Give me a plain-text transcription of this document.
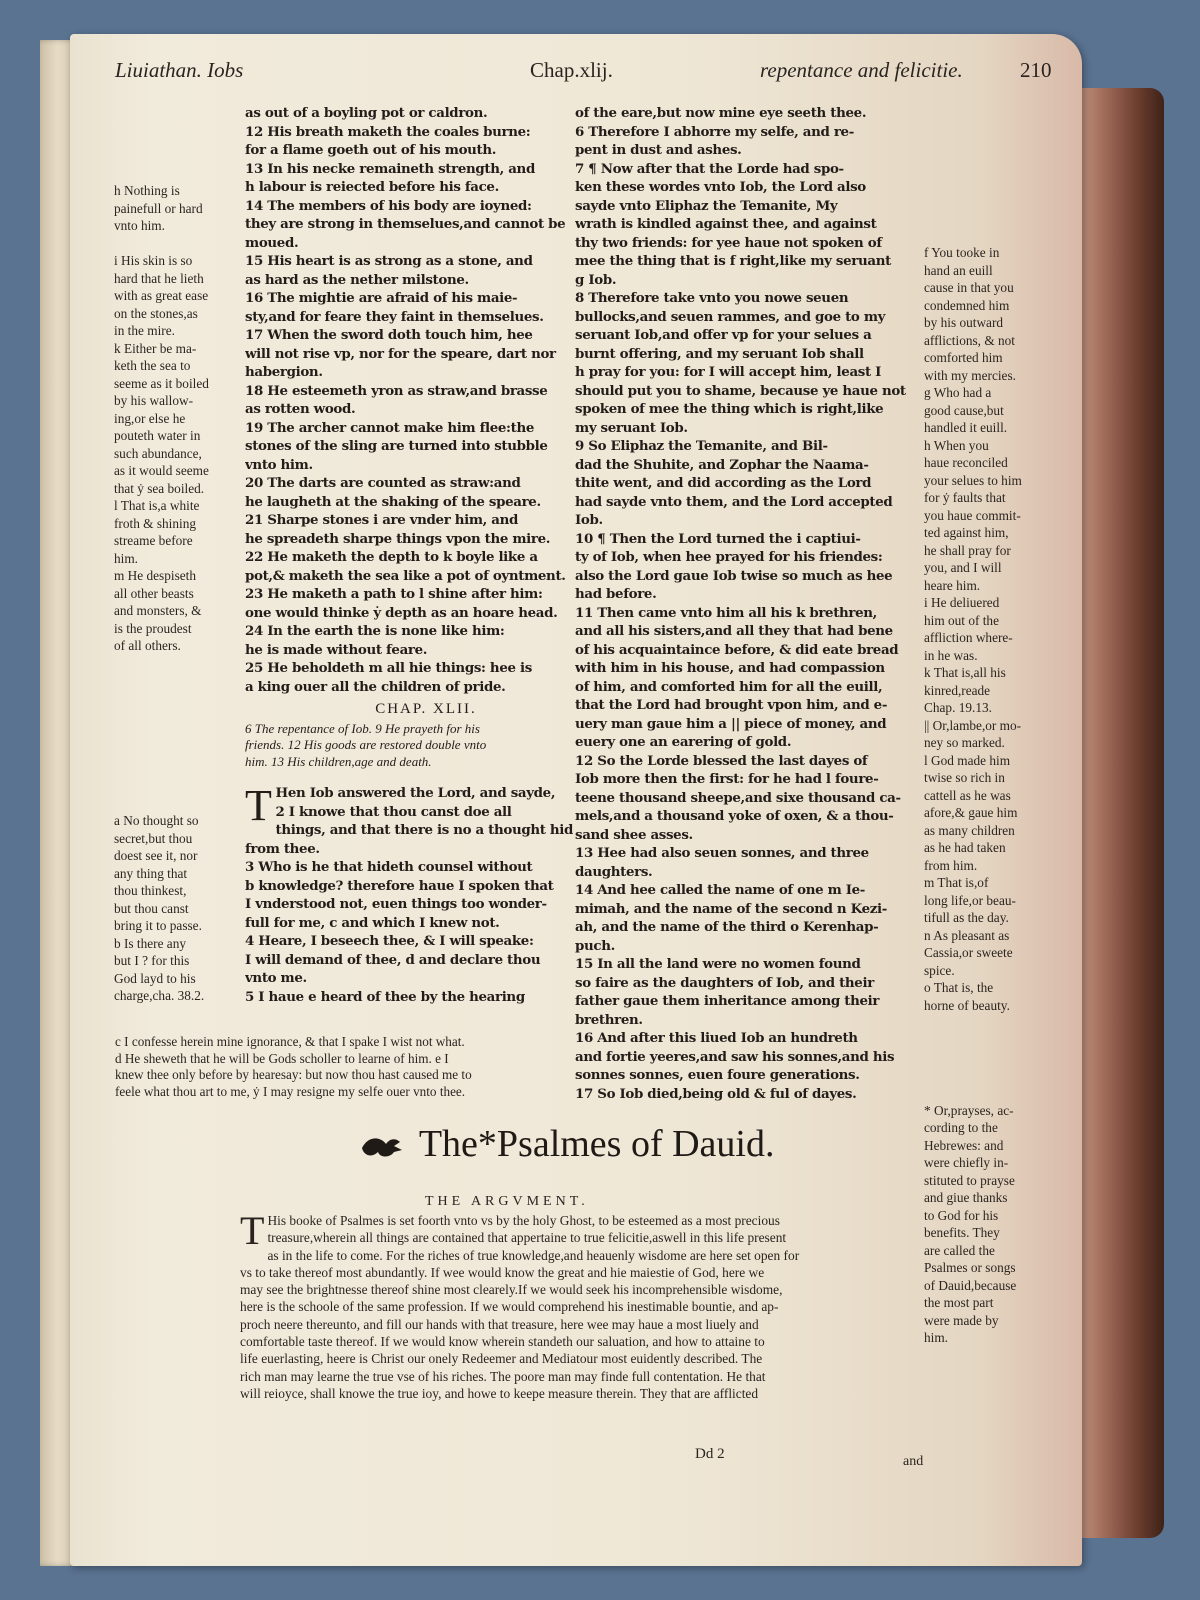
Liuiathan. Iobs	Chap.xlij.	repentance and felicitie.	210
h Nothing is
painefull or hard
vnto him.
i His skin is so
hard that he lieth
with as great ease
on the stones,as
in the mire.
k Either be ma-
keth the sea to
seeme as it boiled
by his wallow-
ing,or else he
pouteth water in
such abundance,
as it would seeme
that ẏ sea boiled.
l That is,a white
froth & shining
streame before
him.
m He despiseth
all other beasts
and monsters, &
is the proudest
of all others.
a No thought so
secret,but thou
doest see it, nor
any thing that
thou thinkest,
but thou canst
bring it to passe.
b Is there any
but I ? for this
God layd to his
charge,cha. 38.2.
as out of a boyling pot or caldron.
12 His breath maketh the coales burne:
for a flame goeth out of his mouth.
13 In his necke remaineth strength, and
h labour is reiected before his face.
14 The members of his body are ioyned:
they are strong in themselues,and cannot be
moued.
15 His heart is as strong as a stone, and
as hard as the nether milstone.
16 The mightie are afraid of his maie-
sty,and for feare they faint in themselues.
17 When the sword doth touch him, hee
will not rise vp, nor for the speare, dart nor
habergion.
18 He esteemeth yron as straw,and brasse
as rotten wood.
19 The archer cannot make him flee:the
stones of the sling are turned into stubble
vnto him.
20 The darts are counted as straw:and
he laugheth at the shaking of the speare.
21 Sharpe stones i are vnder him, and
he spreadeth sharpe things vpon the mire.
22 He maketh the depth to k boyle like a
pot,& maketh the sea like a pot of oyntment.
23 He maketh a path to l shine after him:
one would thinke ẏ depth as an hoare head.
24 In the earth the is none like him:
he is made without feare.
25 He beholdeth m all hie things: hee is
a king ouer all the children of pride.
CHAP. XLII.
6 The repentance of Iob. 9 He prayeth for his
friends. 12 His goods are restored double vnto
him. 13 His children,age and death.
T Hen Iob answered the Lord, and sayde,
2 I knowe that thou canst doe all
things, and that there is no a thought hid
from thee.
3 Who is he that hideth counsel without
b knowledge? therefore haue I spoken that
I vnderstood not, euen things too wonder-
full for me, c and which I knew not.
4 Heare, I beseech thee, & I will speake:
I will demand of thee, d and declare thou
vnto me.
5 I haue e heard of thee by the hearing
of the eare,but now mine eye seeth thee.
6 Therefore I abhorre my selfe, and re-
pent in dust and ashes.
7 ¶ Now after that the Lorde had spo-
ken these wordes vnto Iob, the Lord also
sayde vnto Eliphaz the Temanite, My
wrath is kindled against thee, and against
thy two friends: for yee haue not spoken of
mee the thing that is f right,like my seruant
g Iob.
8 Therefore take vnto you nowe seuen
bullocks,and seuen rammes, and goe to my
seruant Iob,and offer vp for your selues a
burnt offering, and my seruant Iob shall
h pray for you: for I will accept him, least I
should put you to shame, because ye haue not
spoken of mee the thing which is right,like
my seruant Iob.
9 So Eliphaz the Temanite, and Bil-
dad the Shuhite, and Zophar the Naama-
thite went, and did according as the Lord
had sayde vnto them, and the Lord accepted
Iob.
10 ¶ Then the Lord turned the i captiui-
ty of Iob, when hee prayed for his friendes:
also the Lord gaue Iob twise so much as hee
had before.
11 Then came vnto him all his k brethren,
and all his sisters,and all they that had bene
of his acquaintaince before, & did eate bread
with him in his house, and had compassion
of him, and comforted him for all the euill,
that the Lord had brought vpon him, and e-
uery man gaue him a || piece of money, and
euery one an earering of gold.
12 So the Lorde blessed the last dayes of
Iob more then the first: for he had l foure-
teene thousand sheepe,and sixe thousand ca-
mels,and a thousand yoke of oxen, & a thou-
sand shee asses.
13 Hee had also seuen sonnes, and three
daughters.
14 And hee called the name of one m Ie-
mimah, and the name of the second n Kezi-
ah, and the name of the third o Kerenhap-
puch.
15 In all the land were no women found
so faire as the daughters of Iob, and their
father gaue them inheritance among their
brethren.
16 And after this liued Iob an hundreth
and fortie yeeres,and saw his sonnes,and his
sonnes sonnes, euen foure generations.
17 So Iob died,being old & ful of dayes.
f You tooke in
hand an euill
cause in that you
condemned him
by his outward
afflictions, & not
comforted him
with my mercies.
g Who had a
good cause,but
handled it euill.
h When you
haue reconciled
your selues to him
for ẏ faults that
you haue commit-
ted against him,
he shall pray for
you, and I will
heare him.
i He deliuered
him out of the
affliction where-
in he was.
k That is,all his
kinred,reade
Chap. 19.13.
|| Or,lambe,or mo-
ney so marked.
l God made him
twise so rich in
cattell as he was
afore,& gaue him
as many children
as he had taken
from him.
m That is,of
long life,or beau-
tifull as the day.
n As pleasant as
Cassia,or sweete
spice.
o That is, the
horne of beauty.
* Or,prayses, ac-
cording to the
Hebrewes: and
were chiefly in-
stituted to prayse
and giue thanks
to God for his
benefits. They
are called the
Psalmes or songs
of Dauid,because
the most part
were made by
him.
c I confesse herein mine ignorance, & that I spake I wist not what.
d He sheweth that he will be Gods scholler to learne of him. e I
knew thee only before by hearesay: but now thou hast caused me to
feele what thou art to me, ẏ I may resigne my selfe ouer vnto thee.
The*Psalmes of Dauid.
THE ARGVMENT.
T His booke of Psalmes is set foorth vnto vs by the holy Ghost, to be esteemed as a most precious
treasure,wherein all things are contained that appertaine to true felicitie,aswell in this life present
as in the life to come. For the riches of true knowledge,and heauenly wisdome are here set open for
vs to take thereof most abundantly. If wee would know the great and hie maiestie of God, here we
may see the brightnesse thereof shine most clearely.If we would seek his incomprehensible wisdome,
here is the schoole of the same profession. If we would comprehend his inestimable bountie, and ap-
proch neere thereunto, and fill our hands with that treasure, here wee may haue a most liuely and
comfortable taste thereof. If we would know wherein standeth our saluation, and how to attaine to
life euerlasting, heere is Christ our onely Redeemer and Mediatour most euidently described. The
rich man may learne the true vse of his riches. The poore man may finde full contentation. He that
will reioyce, shall knowe the true ioy, and howe to keepe measure therein. They that are afflicted
Dd 2	and
